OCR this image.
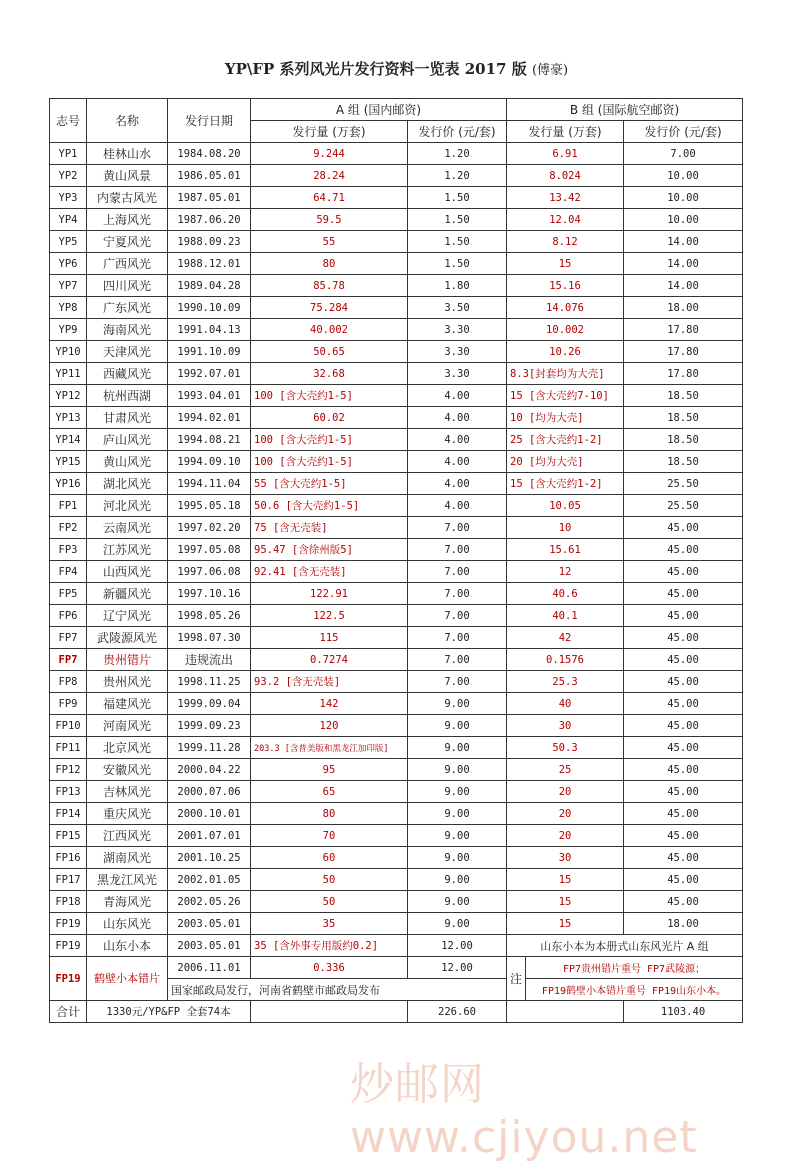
YP\FP 系列风光片发行资料一览表 2017 版 (傅豪)
志号	名称	发行日期	A 组 (国内邮资)		B 组 (国际航空邮资)	
			发行量 (万套)	发行价 (元/套)	发行量 (万套)	发行价 (元/套)
YP1	桂林山水	1984.08.20	9.244	1.20	6.91	7.00
YP2	黄山风景	1986.05.01	28.24	1.20	8.024	10.00
YP3	内蒙古风光	1987.05.01	64.71	1.50	13.42	10.00
YP4	上海风光	1987.06.20	59.5	1.50	12.04	10.00
YP5	宁夏风光	1988.09.23	55	1.50	8.12	14.00
YP6	广西风光	1988.12.01	80	1.50	15	14.00
YP7	四川风光	1989.04.28	85.78	1.80	15.16	14.00
YP8	广东风光	1990.10.09	75.284	3.50	14.076	18.00
YP9	海南风光	1991.04.13	40.002	3.30	10.002	17.80
YP10	天津风光	1991.10.09	50.65	3.30	10.26	17.80
YP11	西藏风光	1992.07.01	32.68	3.30	8.3[封套均为大壳]	17.80
YP12	杭州西湖	1993.04.01	100 [含大壳约1-5]	4.00	15 [含大壳约7-10]	18.50
YP13	甘肃风光	1994.02.01	60.02	4.00	10 [均为大壳]	18.50
YP14	庐山风光	1994.08.21	100 [含大壳约1-5]	4.00	25 [含大壳约1-2]	18.50
YP15	黄山风光	1994.09.10	100 [含大壳约1-5]	4.00	20 [均为大壳]	18.50
YP16	湖北风光	1994.11.04	55 [含大壳约1-5]	4.00	15 [含大壳约1-2]	25.50
FP1	河北风光	1995.05.18	50.6 [含大壳约1-5]	4.00	10.05	25.50
FP2	云南风光	1997.02.20	75 [含无壳装]	7.00	10	45.00
FP3	江苏风光	1997.05.08	95.47 [含徐州版5]	7.00	15.61	45.00
FP4	山西风光	1997.06.08	92.41 [含无壳装]	7.00	12	45.00
FP5	新疆风光	1997.10.16	122.91	7.00	40.6	45.00
FP6	辽宁风光	1998.05.26	122.5	7.00	40.1	45.00
FP7	武陵源风光	1998.07.30	115	7.00	42	45.00
FP7	贵州错片	违规流出	0.7274	7.00	0.1576	45.00
FP8	贵州风光	1998.11.25	93.2 [含无壳装]	7.00	25.3	45.00
FP9	福建风光	1999.09.04	142	9.00	40	45.00
FP10	河南风光	1999.09.23	120	9.00	30	45.00
FP11	北京风光	1999.11.28	203.3 [含普美版和黑龙江加印版]	9.00	50.3	45.00
FP12	安徽风光	2000.04.22	95	9.00	25	45.00
FP13	吉林风光	2000.07.06	65	9.00	20	45.00
FP14	重庆风光	2000.10.01	80	9.00	20	45.00
FP15	江西风光	2001.07.01	70	9.00	20	45.00
FP16	湖南风光	2001.10.25	60	9.00	30	45.00
FP17	黑龙江风光	2002.01.05	50	9.00	15	45.00
FP18	青海风光	2002.05.26	50	9.00	15	45.00
FP19	山东风光	2003.05.01	35	9.00	15	18.00
FP19	山东小本	2003.05.01	35 [含外事专用版约0.2]	12.00	山东小本为本册式山东风光片 A 组	
FP19	鹤壁小本错片	2006.11.01	0.336	12.00	注
FP7贵州错片重号 FP7武陵源；
FP19鹤壁小本错片重号 FP19山东小本。	

		国家邮政局发行，河南省鹤壁市邮政局发布				
合计	1330元/YP&FP 全套74本			226.60		1103.40
炒邮网 www.cjiyou.net
